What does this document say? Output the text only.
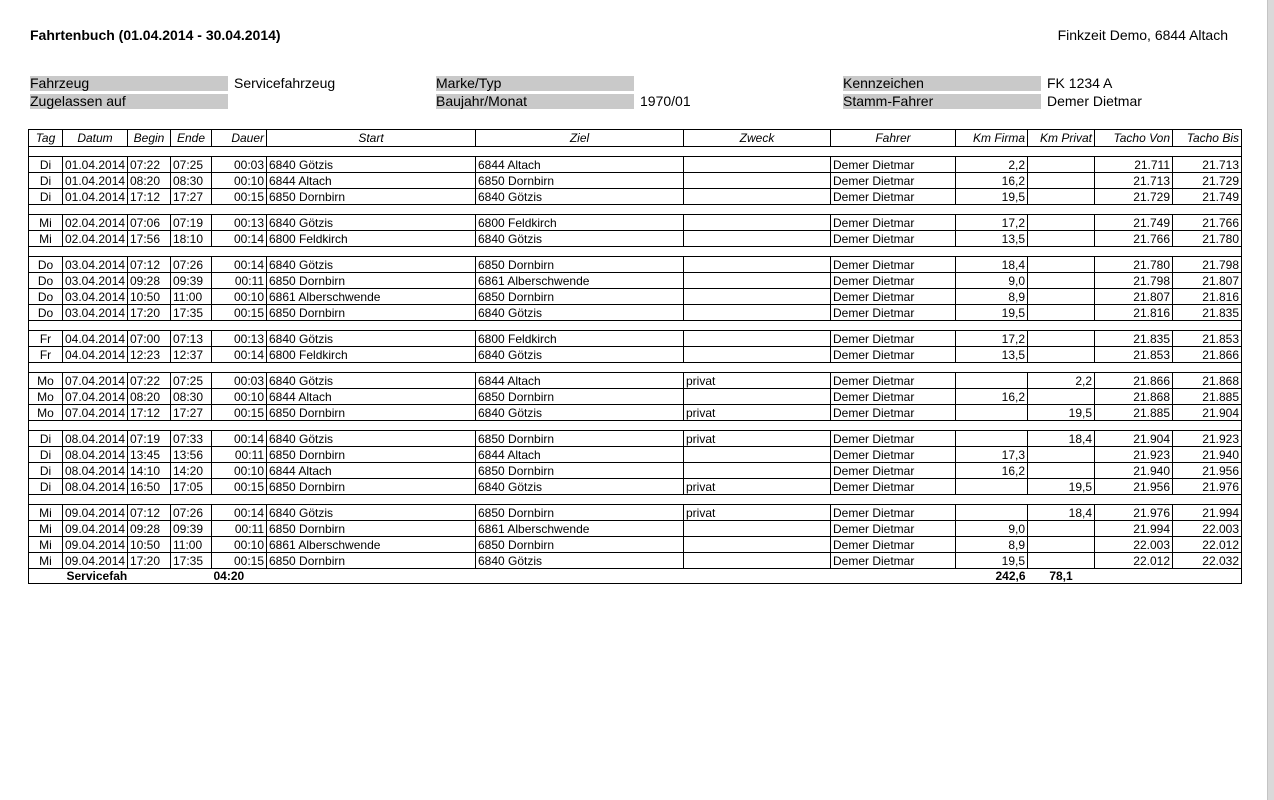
Fahrtenbuch (01.04.2014 - 30.04.2014)	Finkzeit Demo, 6844 Altach
Fahrzeug	Servicefahrzeug
Zugelassen auf
Marke/Typ
Baujahr/Monat	1970/01
Kennzeichen	FK 1234 A
Stamm-Fahrer	Demer Dietmar
Tag	Datum	Begin	Ende	Dauer	Start	Ziel	Zweck	Fahrer	Km Firma	Km Privat	Tacho Von	Tacho Bis

Di	01.04.2014	07:22	07:25	00:03	6840 Götzis	6844 Altach		Demer Dietmar	2,2		21.711	21.713
Di	01.04.2014	08:20	08:30	00:10	6844 Altach	6850 Dornbirn		Demer Dietmar	16,2		21.713	21.729
Di	01.04.2014	17:12	17:27	00:15	6850 Dornbirn	6840 Götzis		Demer Dietmar	19,5		21.729	21.749

Mi	02.04.2014	07:06	07:19	00:13	6840 Götzis	6800 Feldkirch		Demer Dietmar	17,2		21.749	21.766
Mi	02.04.2014	17:56	18:10	00:14	6800 Feldkirch	6840 Götzis		Demer Dietmar	13,5		21.766	21.780

Do	03.04.2014	07:12	07:26	00:14	6840 Götzis	6850 Dornbirn		Demer Dietmar	18,4		21.780	21.798
Do	03.04.2014	09:28	09:39	00:11	6850 Dornbirn	6861 Alberschwende		Demer Dietmar	9,0		21.798	21.807
Do	03.04.2014	10:50	11:00	00:10	6861 Alberschwende	6850 Dornbirn		Demer Dietmar	8,9		21.807	21.816
Do	03.04.2014	17:20	17:35	00:15	6850 Dornbirn	6840 Götzis		Demer Dietmar	19,5		21.816	21.835

Fr	04.04.2014	07:00	07:13	00:13	6840 Götzis	6800 Feldkirch		Demer Dietmar	17,2		21.835	21.853
Fr	04.04.2014	12:23	12:37	00:14	6800 Feldkirch	6840 Götzis		Demer Dietmar	13,5		21.853	21.866

Mo	07.04.2014	07:22	07:25	00:03	6840 Götzis	6844 Altach	privat	Demer Dietmar		2,2	21.866	21.868
Mo	07.04.2014	08:20	08:30	00:10	6844 Altach	6850 Dornbirn		Demer Dietmar	16,2		21.868	21.885
Mo	07.04.2014	17:12	17:27	00:15	6850 Dornbirn	6840 Götzis	privat	Demer Dietmar		19,5	21.885	21.904

Di	08.04.2014	07:19	07:33	00:14	6840 Götzis	6850 Dornbirn	privat	Demer Dietmar		18,4	21.904	21.923
Di	08.04.2014	13:45	13:56	00:11	6850 Dornbirn	6844 Altach		Demer Dietmar	17,3		21.923	21.940
Di	08.04.2014	14:10	14:20	00:10	6844 Altach	6850 Dornbirn		Demer Dietmar	16,2		21.940	21.956
Di	08.04.2014	16:50	17:05	00:15	6850 Dornbirn	6840 Götzis	privat	Demer Dietmar		19,5	21.956	21.976

Mi	09.04.2014	07:12	07:26	00:14	6840 Götzis	6850 Dornbirn	privat	Demer Dietmar		18,4	21.976	21.994
Mi	09.04.2014	09:28	09:39	00:11	6850 Dornbirn	6861 Alberschwende		Demer Dietmar	9,0		21.994	22.003
Mi	09.04.2014	10:50	11:00	00:10	6861 Alberschwende	6850 Dornbirn		Demer Dietmar	8,9		22.003	22.012
Mi	09.04.2014	17:20	17:35	00:15	6850 Dornbirn	6840 Götzis		Demer Dietmar	19,5		22.012	22.032
	Servicefah			04:20					242,6	78,1		
